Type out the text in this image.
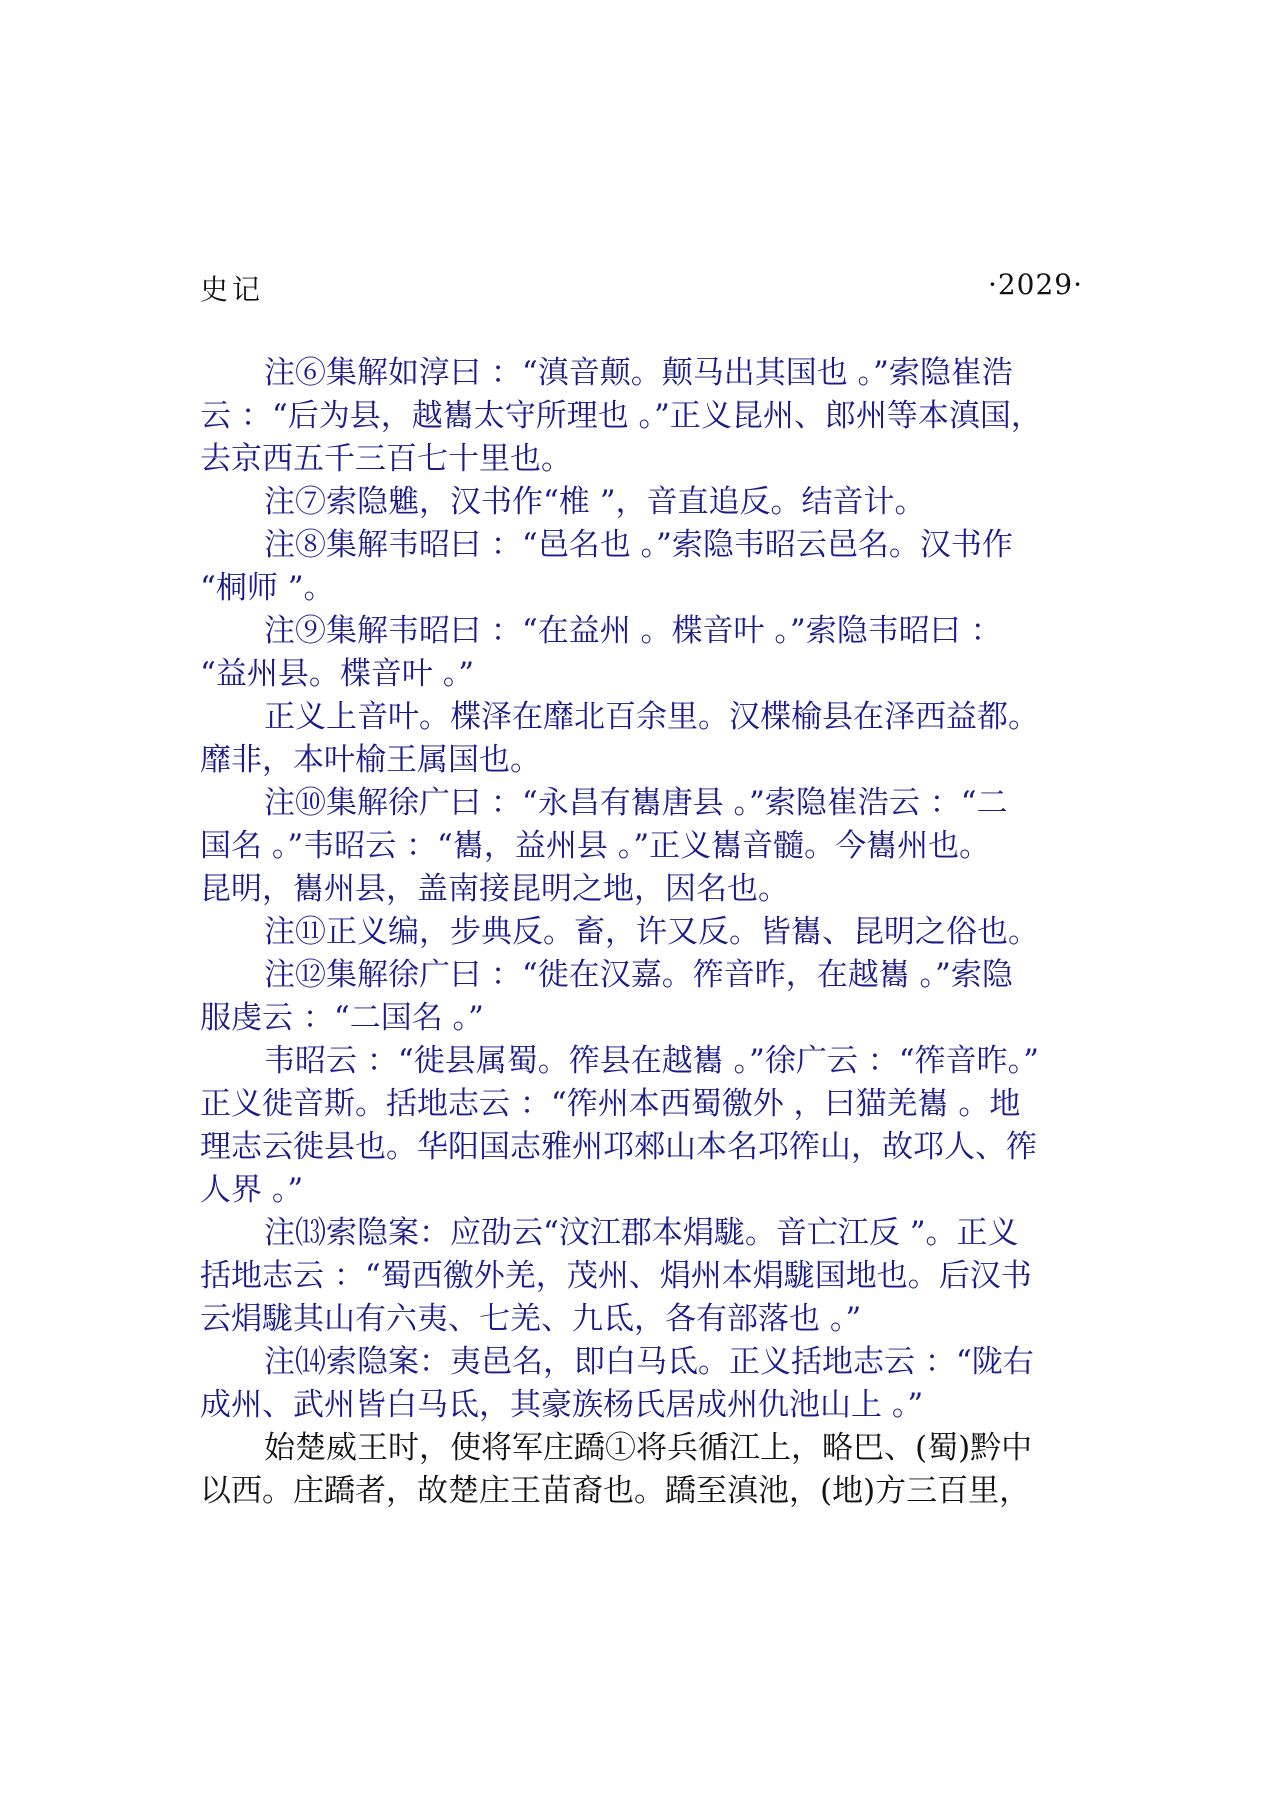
史记	·2029·

注⑥集解如淳曰 ：“滇音颠。颠马出其国也 。”索隐崔浩
云 ：“后为县，越巂太守所理也 。”正义昆州、郎州等本滇国，
去京西五千三百七十里也。

注⑦索隐魋，汉书作“椎 ”，音直追反。结音计。

注⑧集解韦昭曰 ：“邑名也 。”索隐韦昭云邑名。汉书作
“桐师 ”。

注⑨集解韦昭曰 ：“在益州 。楪音叶 。”索隐韦昭曰 ：
“益州县。楪音叶 。”

正义上音叶。楪泽在靡北百余里。汉楪榆县在泽西益都。
靡非，本叶榆王属国也。

注⑩集解徐广曰 ：“永昌有巂唐县 。”索隐崔浩云 ：“二
国名 。”韦昭云 ：“巂，益州县 。”正义巂音髓。今巂州也。
昆明，巂州县，盖南接昆明之地，因名也。

注⑪正义编，步典反。畜，许又反。皆巂、昆明之俗也。

注⑫集解徐广曰 ：“徙在汉嘉。筰音昨，在越巂 。”索隐
服虔云 ：“二国名 。”

韦昭云 ：“徙县属蜀。筰县在越巂 。”徐广云 ：“筰音昨。”
正义徙音斯。括地志云 ：“筰州本西蜀徼外 ，曰猫羌巂 。地
理志云徙县也。华阳国志雅州邛郲山本名邛筰山，故邛人、筰
人界 。”

注⒀索隐案：应劭云“汶江郡本焆駹。音亡江反 ”。正义
括地志云 ：“蜀西徼外羌，茂州、焆州本焆駹国地也。后汉书
云焆駹其山有六夷、七羌、九氐，各有部落也 。”

注⒁索隐案：夷邑名，即白马氐。正义括地志云 ：“陇右
成州、武州皆白马氐，其豪族杨氏居成州仇池山上 。”

始楚威王时，使将军庄蹻①将兵循江上，略巴、(蜀)黔中
以西。庄蹻者，故楚庄王苗裔也。蹻至滇池，(地)方三百里，
